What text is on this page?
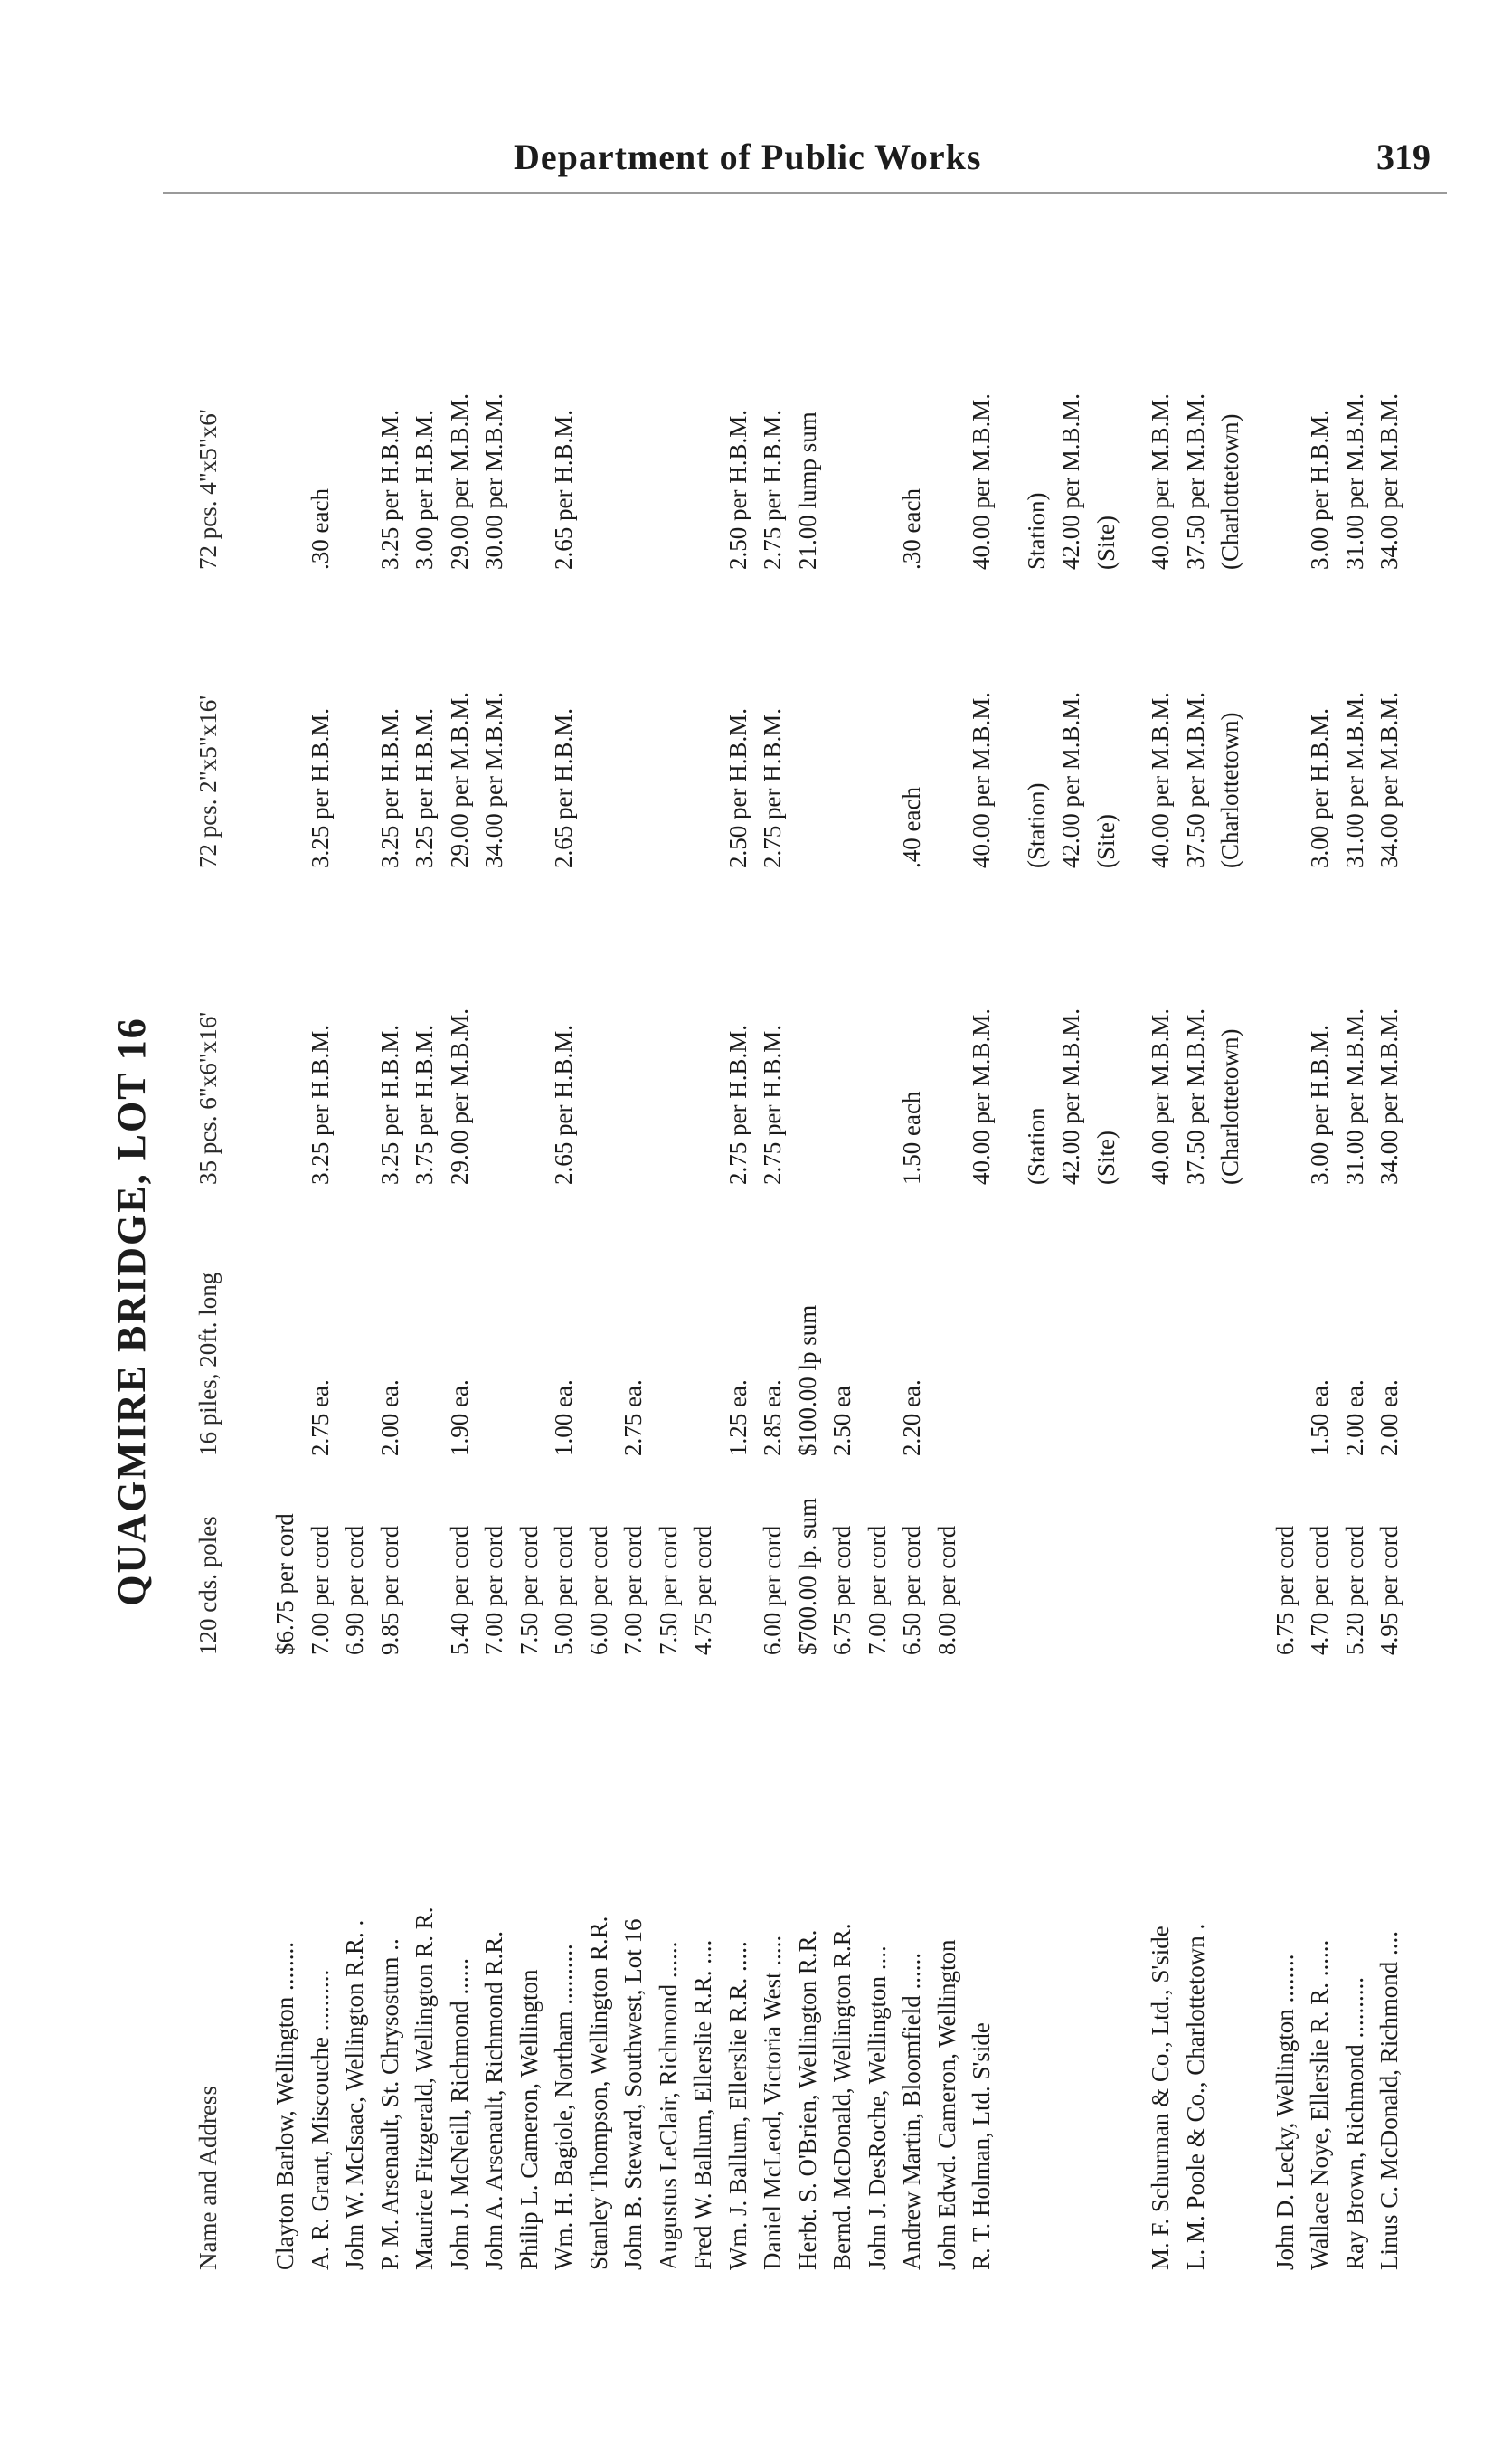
Department of Public Works	319
QUAGMIRE BRIDGE, LOT 16
Name and Address
120 cds. poles
16 piles, 20ft. long
35 pcs. 6"x6"x16'
72 pcs. 2"x5"x16'
72 pcs. 4"x5"x6'
Clayton Barlow, Wellington ........
$6.75 per cord
A. R. Grant, Miscouche ..........
7.00 per cord
2.75 ea.
3.25 per H.B.M.
3.25 per H.B.M.
.30 each
John W. McIsaac, Wellington R.R. .
6.90 per cord
P. M. Arsenault, St. Chrysostum ..
9.85 per cord
2.00 ea.
3.25 per H.B.M.
3.25 per H.B.M.
3.25 per H.B.M.
Maurice Fitzgerald, Wellington R. R.
3.75 per H.B.M.
3.25 per H.B.M.
3.00 per H.B.M.
John J. McNeill, Richmond ......
5.40 per cord
1.90 ea.
29.00 per M.B.M.
29.00 per M.B.M.
29.00 per M.B.M.
John A. Arsenault, Richmond R.R.
7.00 per cord
34.00 per M.B.M.
30.00 per M.B.M.
Philip L. Cameron, Wellington
7.50 per cord
Wm. H. Bagiole, Northam ..........
5.00 per cord
1.00 ea.
2.65 per H.B.M.
2.65 per H.B.M.
2.65 per H.B.M.
Stanley Thompson, Wellington R.R.
6.00 per cord
John B. Steward, Southwest, Lot 16
7.00 per cord
2.75 ea.
Augustus LeClair, Richmond ......
7.50 per cord
Fred W. Ballum, Ellerslie R.R. ....
4.75 per cord
Wm. J. Ballum, Ellerslie R.R. .....
1.25 ea.
2.75 per H.B.M.
2.50 per H.B.M.
2.50 per H.B.M.
Daniel McLeod, Victoria West .....
6.00 per cord
2.85 ea.
2.75 per H.B.M.
2.75 per H.B.M.
2.75 per H.B.M.
Herbt. S. O'Brien, Wellington R.R.
$700.00 lp. sum
$100.00 lp sum
21.00 lump sum
Bernd. McDonald, Wellington R.R.
6.75 per cord
2.50 ea
John J. DesRoche, Wellington ....
7.00 per cord
Andrew Martin, Bloomfield ......
6.50 per cord
2.20 ea.
1.50 each
.40 each
.30 each
John Edwd. Cameron, Wellington
8.00 per cord
R. T. Holman, Ltd. S'side
40.00 per M.B.M.
40.00 per M.B.M.
40.00 per M.B.M.
(Station
(Station)
Station)
42.00 per M.B.M.
42.00 per M.B.M.
42.00 per M.B.M.
(Site)
(Site)
(Site)
M. F. Schurman & Co., Ltd., S'side
40.00 per M.B.M.
40.00 per M.B.M.
40.00 per M.B.M.
L. M. Poole & Co., Charlottetown .
37.50 per M.B.M.
37.50 per M.B.M.
37.50 per M.B.M.
(Charlottetown)
(Charlottetown)
(Charlottetown)
John D. Lecky, Wellington ........
6.75 per cord
Wallace Noye, Ellerslie R. R. ......
4.70 per cord
1.50 ea.
3.00 per H.B.M.
3.00 per H.B.M.
3.00 per H.B.M.
Ray Brown, Richmond ..........
5.20 per cord
2.00 ea.
31.00 per M.B.M.
31.00 per M.B.M.
31.00 per M.B.M.
Linus C. McDonald, Richmond ....
4.95 per cord
2.00 ea.
34.00 per M.B.M.
34.00 per M.B.M.
34.00 per M.B.M.
